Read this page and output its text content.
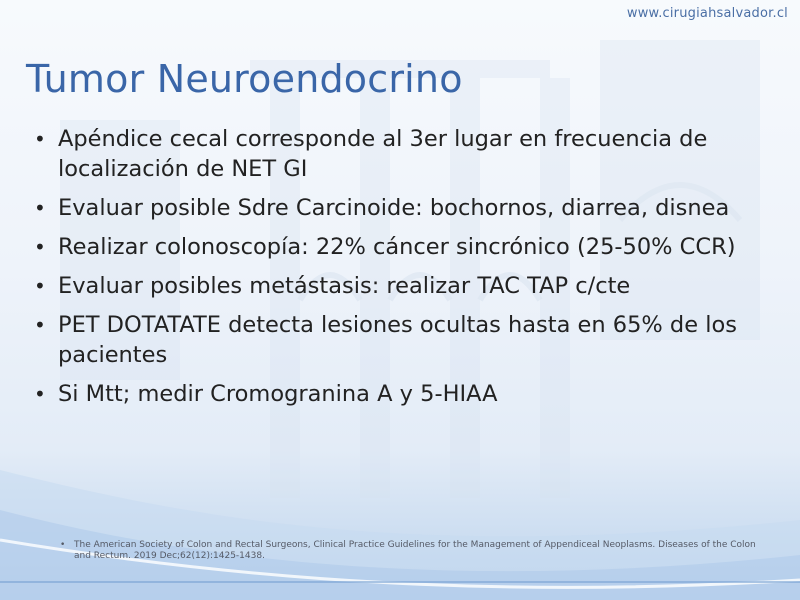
www.cirugiahsalvador.cl
Tumor Neuroendocrino
• Apéndice cecal corresponde al 3er lugar en frecuencia de localización de NET GI
• Evaluar posible Sdre Carcinoide: bochornos, diarrea, disnea
• Realizar colonoscopía: 22% cáncer sincrónico (25-50% CCR)
• Evaluar posibles metástasis: realizar TAC TAP c/cte
• PET DOTATATE detecta lesiones ocultas hasta en 65% de los pacientes
• Si Mtt; medir Cromogranina A y 5-HIAA
• The American Society of Colon and Rectal Surgeons, Clinical Practice Guidelines for the Management of Appendiceal Neoplasms. Diseases of the Colon and Rectum. 2019 Dec;62(12):1425-1438.
